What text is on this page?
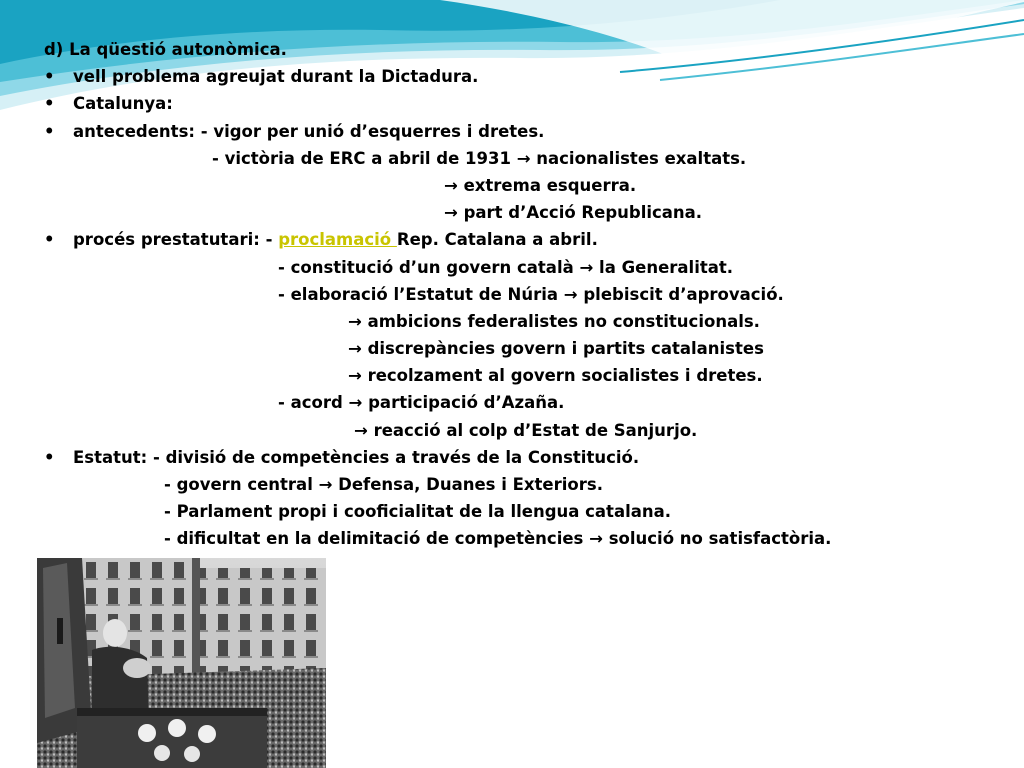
d) La qüestió autonòmica.
• vell problema agreujat durant la Dictadura.
• Catalunya:
• antecedents: - vigor per unió d’esquerres i dretes.
- victòria de ERC a abril de 1931 → nacionalistes exaltats.
→ extrema esquerra.
→ part d’Acció Republicana.
• procés prestatutari: - proclamació Rep. Catalana a abril.
- constitució d’un govern català → la Generalitat.
- elaboració l’Estatut de Núria → plebiscit d’aprovació.
→ ambicions federalistes no constitucionals.
→ discrepàncies govern i partits catalanistes
→ recolzament al govern socialistes i dretes.
- acord → participació d’Azaña.
→ reacció al colp d’Estat de Sanjurjo.
• Estatut: - divisió de competències a través de la Constitució.
- govern central → Defensa, Duanes i Exteriors.
- Parlament propi i cooficialitat de la llengua catalana.
- dificultat en la delimitació de competències → solució no satisfactòria.
